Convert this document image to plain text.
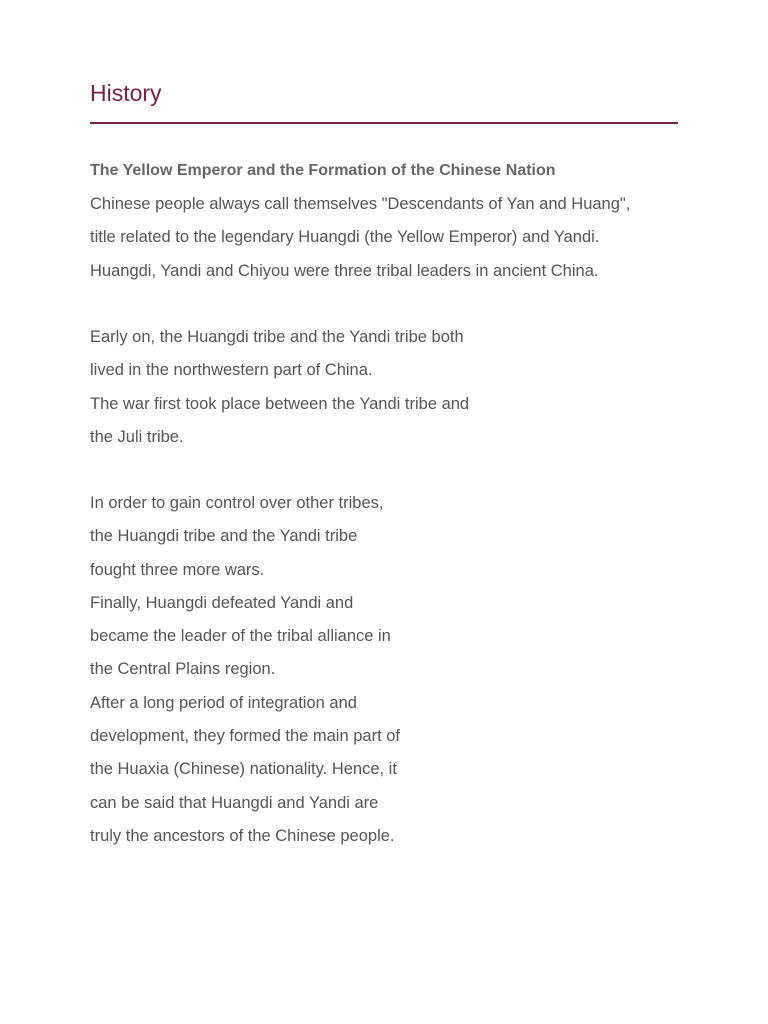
History
The Yellow Emperor and the Formation of the Chinese Nation
Chinese people always call themselves "Descendants of Yan and Huang",
title related to the legendary Huangdi (the Yellow Emperor) and Yandi.
Huangdi, Yandi and Chiyou were three tribal leaders in ancient China.
Early on, the Huangdi tribe and the Yandi tribe both
lived in the northwestern part of China.
The war first took place between the Yandi tribe and
the Juli tribe.
In order to gain control over other tribes,
the Huangdi tribe and the Yandi tribe
fought three more wars.
Finally, Huangdi defeated Yandi and
became the leader of the tribal alliance in
the Central Plains region.
After a long period of integration and
development, they formed the main part of
the Huaxia (Chinese) nationality. Hence, it
can be said that Huangdi and Yandi are
truly the ancestors of the Chinese people.
